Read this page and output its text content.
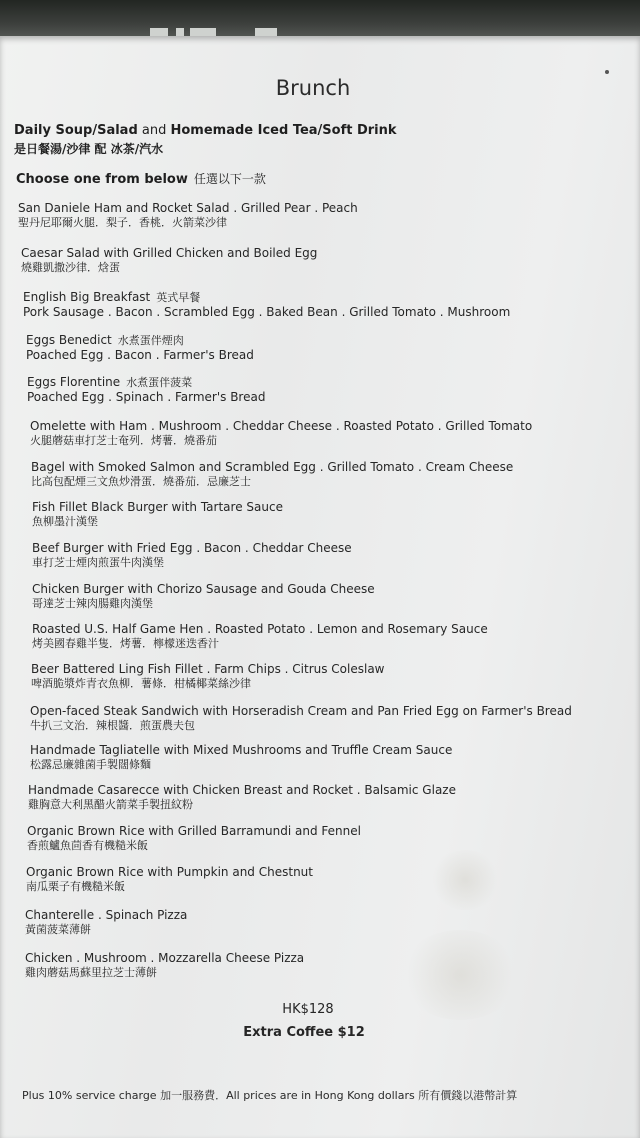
Brunch
Daily Soup/Salad and Homemade Iced Tea/Soft Drink
是日餐湯/沙律 配 冰茶/汽水
Choose one from below 任選以下一款
San Daniele Ham and Rocket Salad . Grilled Pear . Peach
聖丹尼耶爾火腿．梨子．香桃．火箭菜沙律
Caesar Salad with Grilled Chicken and Boiled Egg
燒雞凱撒沙律．焓蛋
English Big Breakfast 英式早餐
Pork Sausage . Bacon . Scrambled Egg . Baked Bean . Grilled Tomato . Mushroom
Eggs Benedict 水煮蛋伴煙肉
Poached Egg . Bacon . Farmer's Bread
Eggs Florentine 水煮蛋伴菠菜
Poached Egg . Spinach . Farmer's Bread
Omelette with Ham . Mushroom . Cheddar Cheese . Roasted Potato . Grilled Tomato
火腿蘑菇車打芝士奄列．烤薯．燒番茄
Bagel with Smoked Salmon and Scrambled Egg . Grilled Tomato . Cream Cheese
比高包配煙三文魚炒滑蛋．燒番茄．忌廉芝士
Fish Fillet Black Burger with Tartare Sauce
魚柳墨汁漢堡
Beef Burger with Fried Egg . Bacon . Cheddar Cheese
車打芝士煙肉煎蛋牛肉漢堡
Chicken Burger with Chorizo Sausage and Gouda Cheese
哥達芝士辣肉腸雞肉漢堡
Roasted U.S. Half Game Hen . Roasted Potato . Lemon and Rosemary Sauce
烤美國春雞半隻．烤薯．檸檬迷迭香汁
Beer Battered Ling Fish Fillet . Farm Chips . Citrus Coleslaw
啤酒脆漿炸青衣魚柳．薯條．柑橘椰菜絲沙律
Open-faced Steak Sandwich with Horseradish Cream and Pan Fried Egg on Farmer's Bread
牛扒三文治．辣根醬．煎蛋農夫包
Handmade Tagliatelle with Mixed Mushrooms and Truffle Cream Sauce
松露忌廉雜菌手製闊條麵
Handmade Casarecce with Chicken Breast and Rocket . Balsamic Glaze
雞胸意大利黑醋火箭菜手製扭紋粉
Organic Brown Rice with Grilled Barramundi and Fennel
香煎鱸魚茴香有機糙米飯
Organic Brown Rice with Pumpkin and Chestnut
南瓜栗子有機糙米飯
Chanterelle . Spinach Pizza
黃菌菠菜薄餅
Chicken . Mushroom . Mozzarella Cheese Pizza
雞肉蘑菇馬蘇里拉芝士薄餅
HK$128
Extra Coffee $12
Plus 10% service charge 加一服務費．All prices are in Hong Kong dollars 所有價錢以港幣計算
